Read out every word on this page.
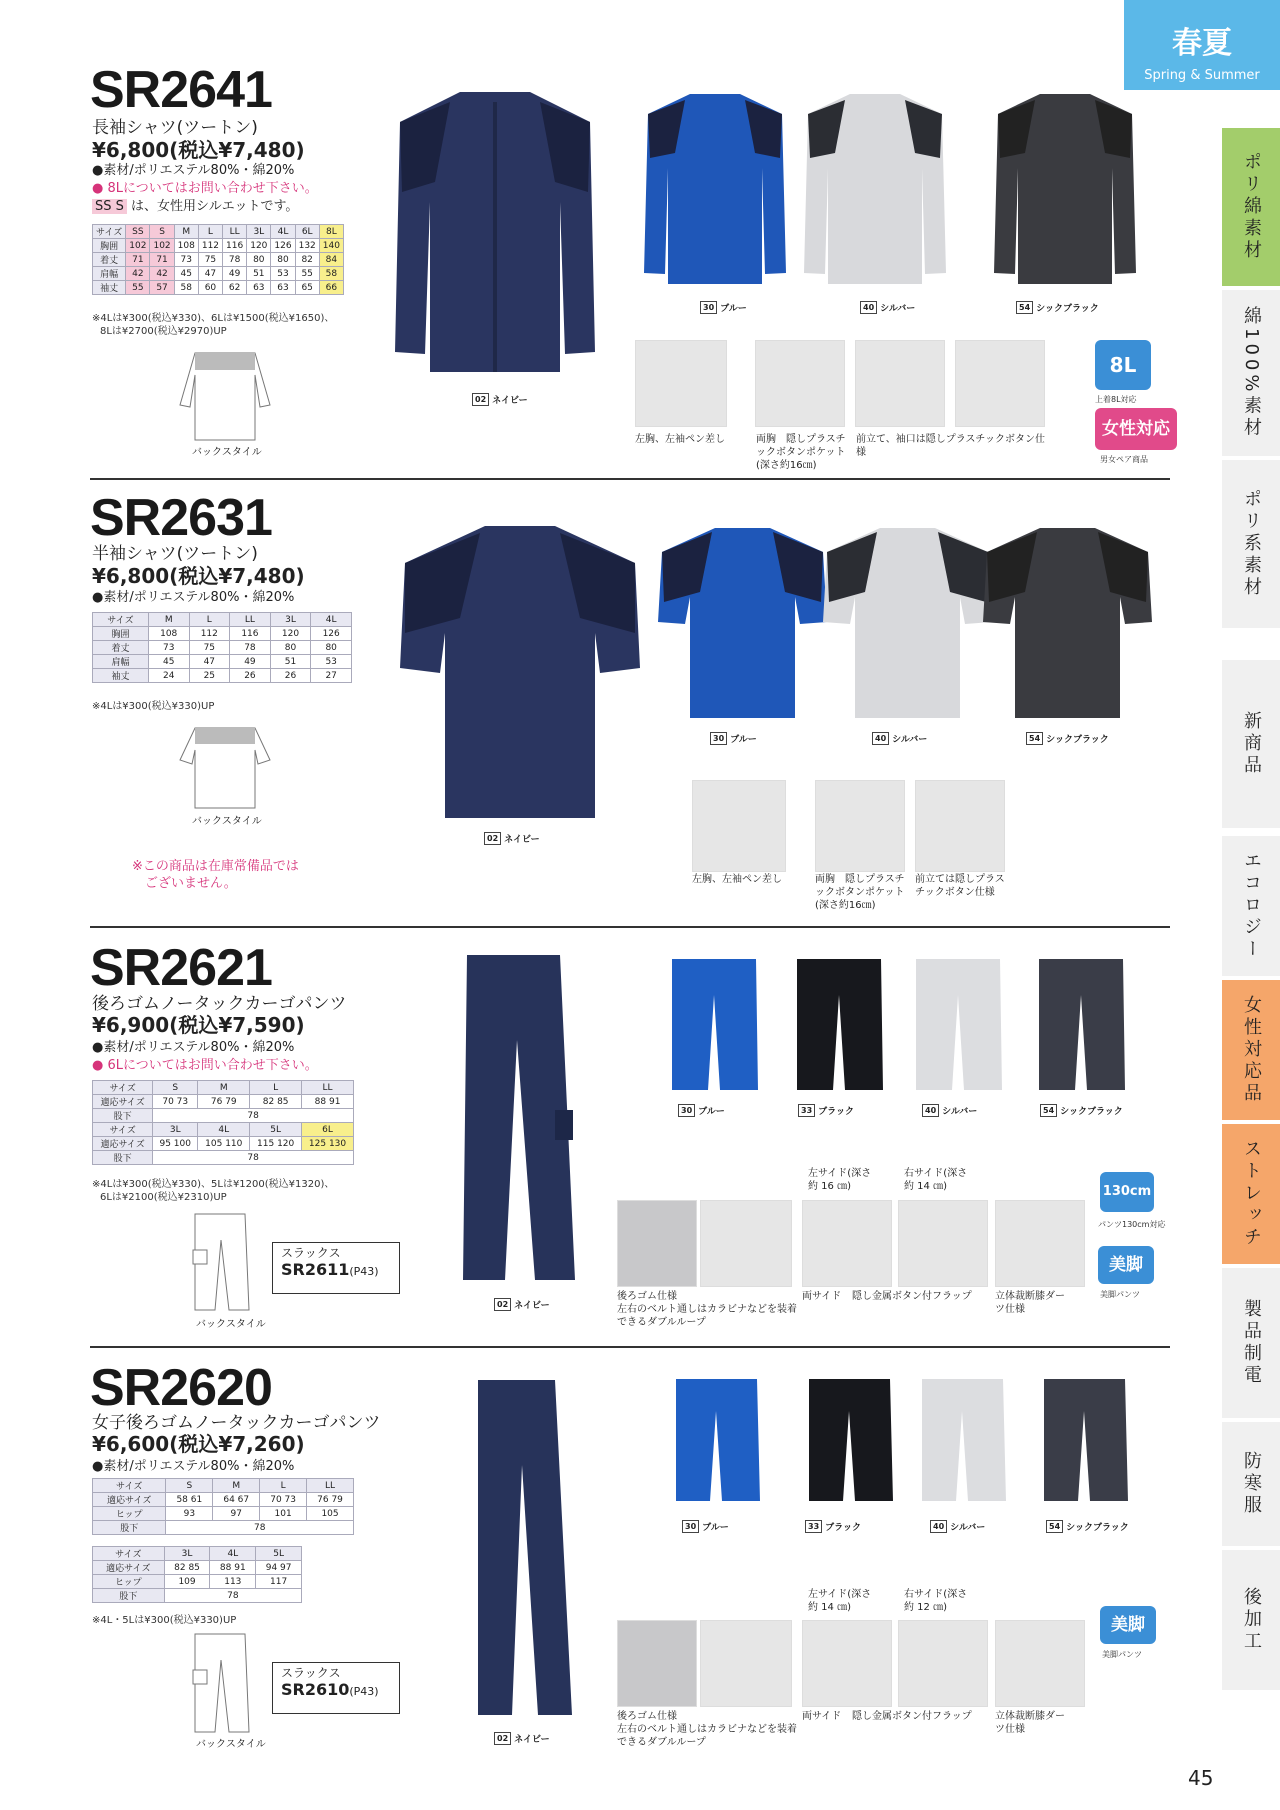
春夏
Spring & Summer
ポリ綿素材
綿100%素材
ポリ系素材
新商品
エコロジー
女性対応品
ストレッチ
製品制電
防寒服
後加工
45
SR2641
長袖シャツ(ツートン)
¥6,800(税込¥7,480)
●素材/ポリエステル80%・綿20%
● 8Lについてはお問い合わせ下さい。
SS S は、女性用シルエットです。
サイズ	SS	S	M	L	LL	3L	4L	6L	8L
胸囲	102	102	108	112	116	120	126	132	140
着丈	71	71	73	75	78	80	80	82	84
肩幅	42	42	45	47	49	51	53	55	58
袖丈	55	57	58	60	62	63	63	65	66
※4Lは¥300(税込¥330)、6Lは¥1500(税込¥1650)、
8Lは¥2700(税込¥2970)UP
バックスタイル
02 ネイビー
30 ブルー	40 シルバー	54 シックブラック
左胸、左袖ペン差し	両胸　隠しプラスチックボタンポケット(深さ約16㎝)
前立て、袖口は隠しプラスチックボタン仕様
8L
上着8L対応
女性対応
男女ペア商品
SR2631
半袖シャツ(ツートン)
¥6,800(税込¥7,480)
●素材/ポリエステル80%・綿20%
サイズ	M	L	LL	3L	4L
胸囲	108	112	116	120	126
着丈	73	75	78	80	80
肩幅	45	47	49	51	53
袖丈	24	25	26	26	27
※4Lは¥300(税込¥330)UP
バックスタイル
※この商品は在庫常備品では
ございません。
02 ネイビー
30 ブルー	40 シルバー	54 シックブラック
左胸、左袖ペン差し	両胸　隠しプラスチックボタンポケット(深さ約16㎝)
前立ては隠しプラスチックボタン仕様
SR2621
後ろゴムノータックカーゴパンツ
¥6,900(税込¥7,590)
●素材/ポリエステル80%・綿20%
● 6Lについてはお問い合わせ下さい。
サイズ	S	M	L	LL
適応サイズ	70 73	76 79	82 85	88 91
股下	78			
サイズ	3L	4L	5L	6L
適応サイズ	95 100	105 110	115 120	125 130
股下	78			
※4Lは¥300(税込¥330)、5Lは¥1200(税込¥1320)、
6Lは¥2100(税込¥2310)UP
バックスタイル
スラックス
SR2611(P43)
02 ネイビー
30 ブルー	33 ブラック	40 シルバー	54 シックブラック
左サイド(深さ約 16 ㎝)
右サイド(深さ約 14 ㎝)
後ろゴム仕様
左右のベルト通しはカラビナなどを装着できるダブルループ
両サイド 隠し金属ボタン付フラップ 立体裁断膝ダーツ仕様
130cm
パンツ130cm対応
美脚
美脚パンツ
SR2620
女子後ろゴムノータックカーゴパンツ
¥6,600(税込¥7,260)
●素材/ポリエステル80%・綿20%
サイズ	S	M	L	LL
適応サイズ	58 61	64 67	70 73	76 79
ヒップ	93	97	101	105
股下	78			
サイズ	3L	4L	5L
適応サイズ	82 85	88 91	94 97
ヒップ	109	113	117
股下	78		
※4L・5Lは¥300(税込¥330)UP
バックスタイル
スラックス
SR2610(P43)
02 ネイビー
30 ブルー	33 ブラック	40 シルバー	54 シックブラック
左サイド(深さ約 14 ㎝)
右サイド(深さ約 12 ㎝)
後ろゴム仕様
左右のベルト通しはカラビナなどを装着できるダブルループ
両サイド 隠し金属ボタン付フラップ 立体裁断膝ダーツ仕様
美脚
美脚パンツ
